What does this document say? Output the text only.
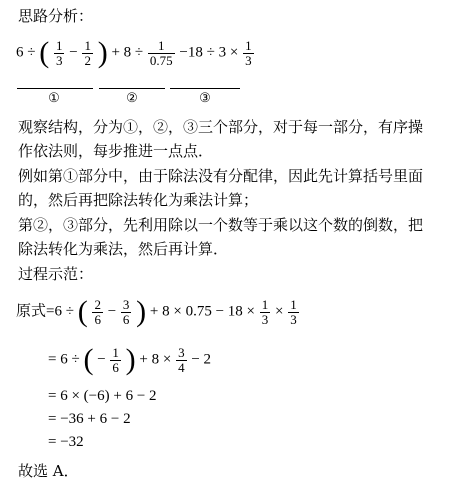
思路分析：
6 ÷ ( $\frac{1}{3} - \frac{1}{2}$ ) + $8 \div \frac{1}{0.75} -18 \div 3 \times \frac{1}{3}$
①	②	③
观察结构，分为①，②，③三个部分，对于每一部分，有序操
作依法则，每步推进一点点．
例如第①部分中，由于除法没有分配律，因此先计算括号里面
的，然后再把除法转化为乘法计算；
第②，③部分，先利用除以一个数等于乘以这个数的倒数，把
除法转化为乘法，然后再计算．
过程示范：
原式=6 ÷ ( $\frac{2}{6} - \frac{3}{6}$ ) + $8 \times 0.75 - 18 \times \frac{1}{3} \times \frac{1}{3}$
= 6 ÷ ( − $\frac{1}{6}$ ) + $8 \times \frac{3}{4} - 2$
= 6 × (−6) + 6 − 2
= −36 + 6 − 2
= −32
故选 A．
